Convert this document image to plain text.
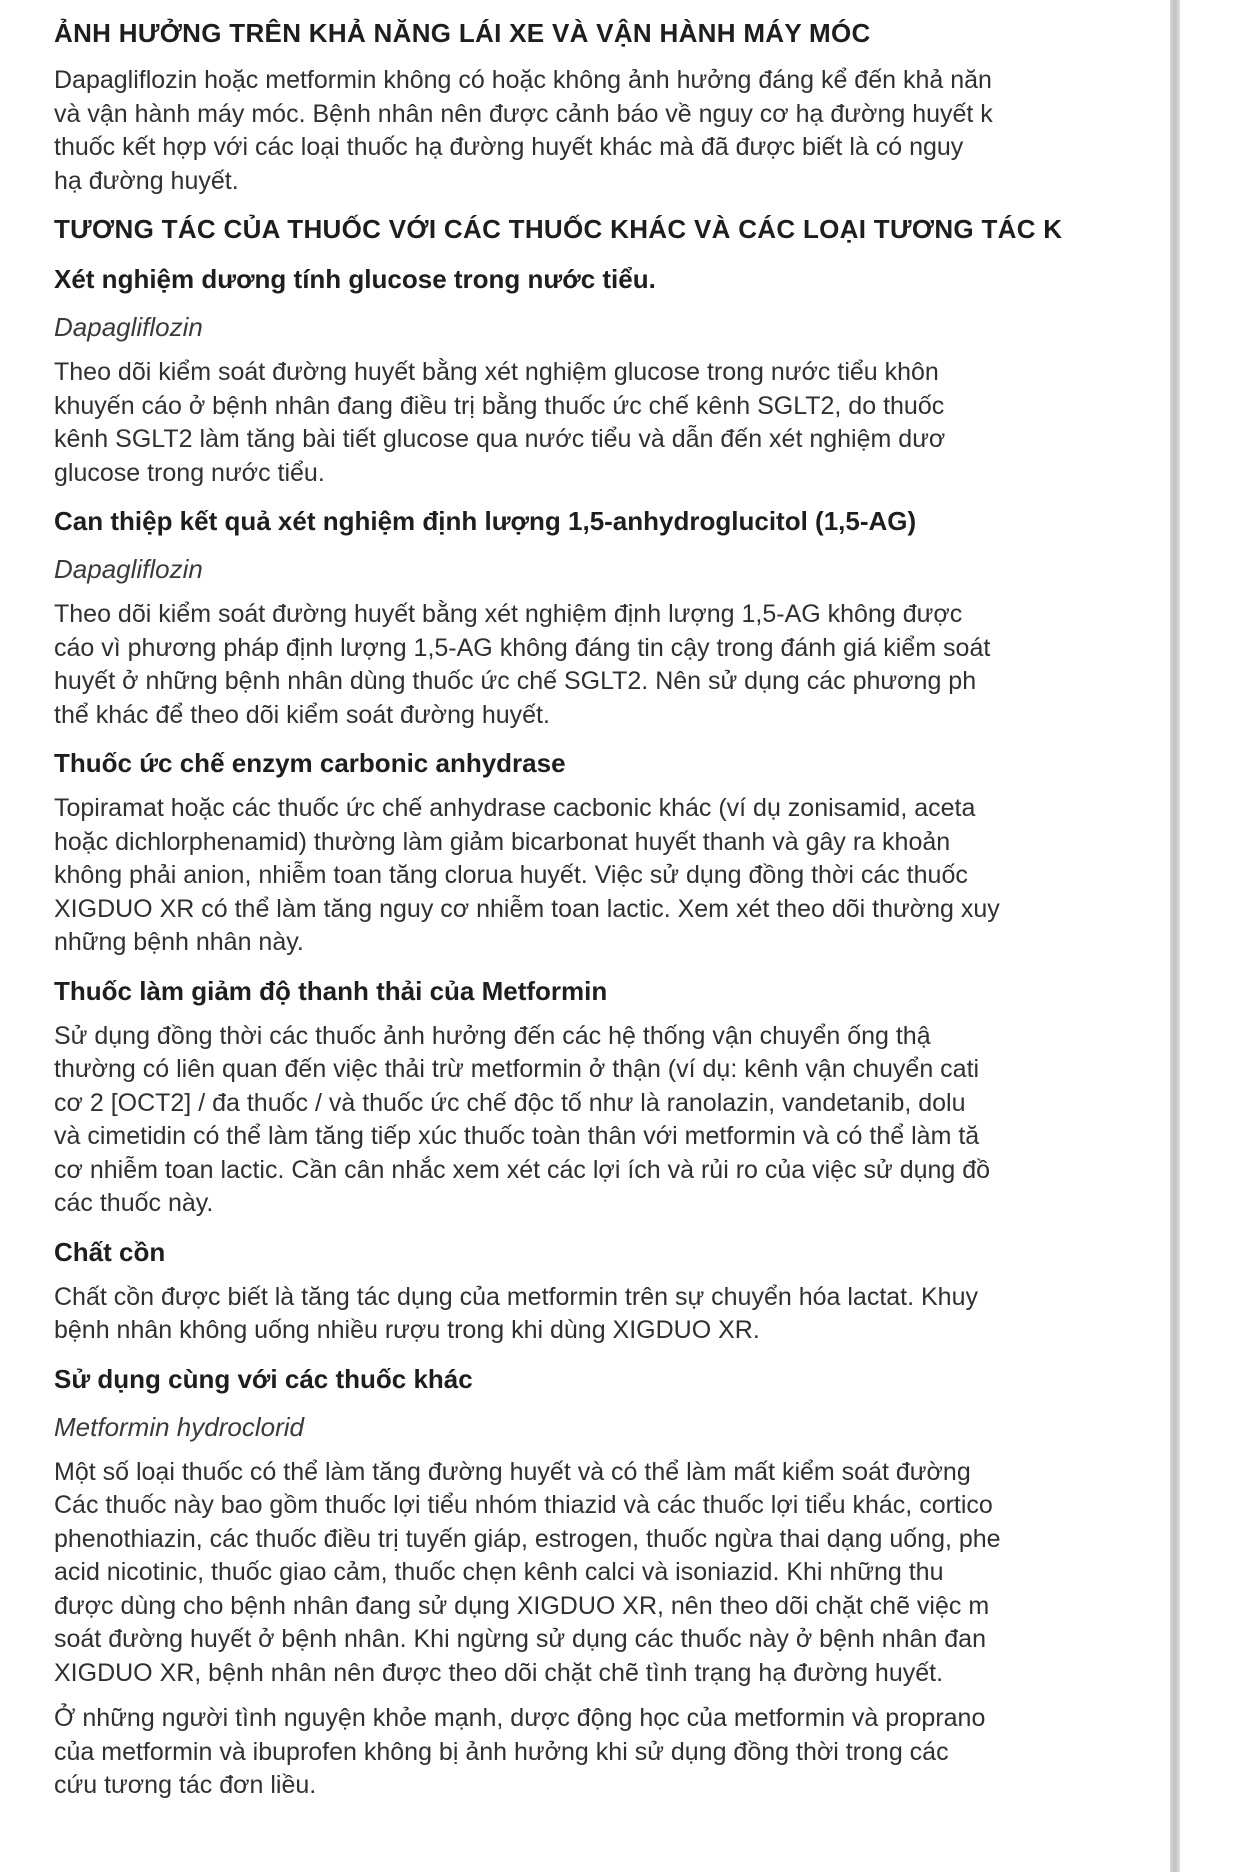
ẢNH HƯỞNG TRÊN KHẢ NĂNG LÁI XE VÀ VẬN HÀNH MÁY MÓC
Dapagliflozin hoặc metformin không có hoặc không ảnh hưởng đáng kể đến khả năn
và vận hành máy móc. Bệnh nhân nên được cảnh báo về nguy cơ hạ đường huyết k
thuốc kết hợp với các loại thuốc hạ đường huyết khác mà đã được biết là có nguy
hạ đường huyết.
TƯƠNG TÁC CỦA THUỐC VỚI CÁC THUỐC KHÁC VÀ CÁC LOẠI TƯƠNG TÁC K
Xét nghiệm dương tính glucose trong nước tiểu.
Dapagliflozin
Theo dõi kiểm soát đường huyết bằng xét nghiệm glucose trong nước tiểu khôn
khuyến cáo ở bệnh nhân đang điều trị bằng thuốc ức chế kênh SGLT2, do thuốc
kênh SGLT2 làm tăng bài tiết glucose qua nước tiểu và dẫn đến xét nghiệm dươ
glucose trong nước tiểu.
Can thiệp kết quả xét nghiệm định lượng 1,5-anhydroglucitol (1,5-AG)
Dapagliflozin
Theo dõi kiểm soát đường huyết bằng xét nghiệm định lượng 1,5-AG không được
cáo vì phương pháp định lượng 1,5-AG không đáng tin cậy trong đánh giá kiểm soát
huyết ở những bệnh nhân dùng thuốc ức chế SGLT2. Nên sử dụng các phương ph
thể khác để theo dõi kiểm soát đường huyết.
Thuốc ức chế enzym carbonic anhydrase
Topiramat hoặc các thuốc ức chế anhydrase cacbonic khác (ví dụ zonisamid, aceta
hoặc dichlorphenamid) thường làm giảm bicarbonat huyết thanh và gây ra khoản
không phải anion, nhiễm toan tăng clorua huyết. Việc sử dụng đồng thời các thuốc
XIGDUO XR có thể làm tăng nguy cơ nhiễm toan lactic. Xem xét theo dõi thường xuy
những bệnh nhân này.
Thuốc làm giảm độ thanh thải của Metformin
Sử dụng đồng thời các thuốc ảnh hưởng đến các hệ thống vận chuyển ống thậ
thường có liên quan đến việc thải trừ metformin ở thận (ví dụ: kênh vận chuyển cati
cơ 2 [OCT2] / đa thuốc / và thuốc ức chế độc tố như là ranolazin, vandetanib, dolu
và cimetidin có thể làm tăng tiếp xúc thuốc toàn thân với metformin và có thể làm tă
cơ nhiễm toan lactic. Cần cân nhắc xem xét các lợi ích và rủi ro của việc sử dụng đồ
các thuốc này.
Chất cồn
Chất cồn được biết là tăng tác dụng của metformin trên sự chuyển hóa lactat. Khuy
bệnh nhân không uống nhiều rượu trong khi dùng XIGDUO XR.
Sử dụng cùng với các thuốc khác
Metformin hydroclorid
Một số loại thuốc có thể làm tăng đường huyết và có thể làm mất kiểm soát đường
Các thuốc này bao gồm thuốc lợi tiểu nhóm thiazid và các thuốc lợi tiểu khác, cortico
phenothiazin, các thuốc điều trị tuyến giáp, estrogen, thuốc ngừa thai dạng uống, phe
acid nicotinic, thuốc giao cảm, thuốc chẹn kênh calci và isoniazid. Khi những thu
được dùng cho bệnh nhân đang sử dụng XIGDUO XR, nên theo dõi chặt chẽ việc m
soát đường huyết ở bệnh nhân. Khi ngừng sử dụng các thuốc này ở bệnh nhân đan
XIGDUO XR, bệnh nhân nên được theo dõi chặt chẽ tình trạng hạ đường huyết.
Ở những người tình nguyện khỏe mạnh, dược động học của metformin và proprano
của metformin và ibuprofen không bị ảnh hưởng khi sử dụng đồng thời trong các
cứu tương tác đơn liều.
